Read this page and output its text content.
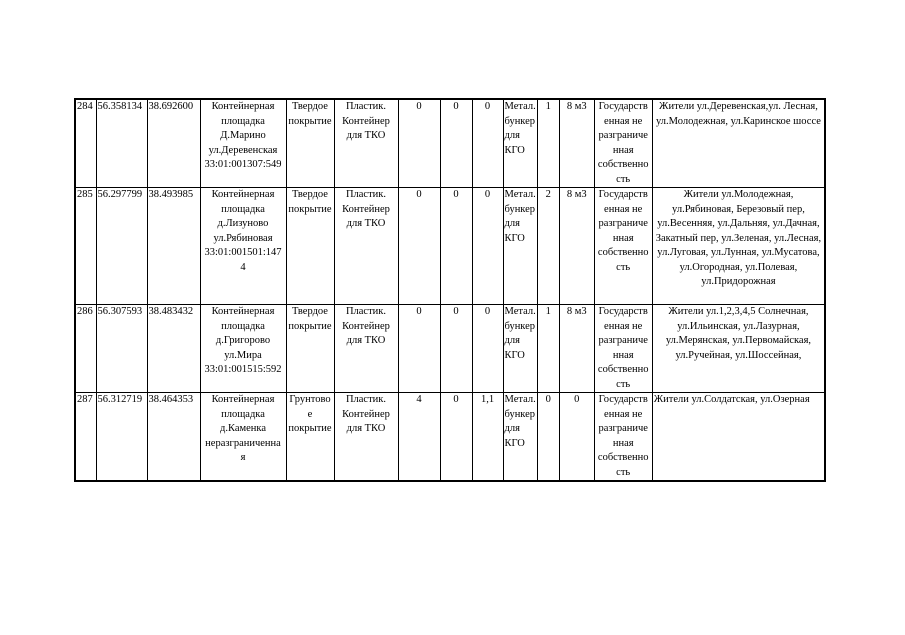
284	56.358134	38.692600	Контейнерная площадка Д.Марино ул.Деревенская 33:01:001307:549	Твердое покрытие	Пластик. Контейнер для ТКО	0	0	0	Метал. бункер для КГО	1	8 м3	Государств енная не разграниче нная собственно сть	Жители ул.Деревенская,ул. Лесная, ул.Молодежная, ул.Каринское шоссе
285	56.297799	38.493985	Контейнерная площадка д.Лизуново ул.Рябиновая 33:01:001501:147 4	Твердое покрытие	Пластик. Контейнер для ТКО	0	0	0	Метал. бункер для КГО	2	8 м3	Государств енная не разграниче нная собственно сть	Жители ул.Молодежная, ул.Рябиновая, Березовый пер, ул.Весенняя, ул.Дальняя, ул.Дачная, Закатный пер, ул.Зеленая, ул.Лесная, ул.Луговая, ул.Лунная, ул.Мусатова, ул.Огородная, ул.Полевая, ул.Придорожная
286	56.307593	38.483432	Контейнерная площадка д.Григорово ул.Мира 33:01:001515:592	Твердое покрытие	Пластик. Контейнер для ТКО	0	0	0	Метал. бункер для КГО	1	8 м3	Государств енная не разграниче нная собственно сть	Жители ул.1,2,3,4,5 Солнечная, ул.Ильинская, ул.Лазурная, ул.Мерянская, ул.Первомайская, ул.Ручейная, ул.Шоссейная,
287	56.312719	38.464353	Контейнерная площадка д.Каменка неразграниченна я	Грунтово е покрытие	Пластик. Контейнер для ТКО	4	0	1,1	Метал. бункер для КГО	0	0	Государств енная не разграниче нная собственно сть	Жители ул.Солдатская, ул.Озерная
